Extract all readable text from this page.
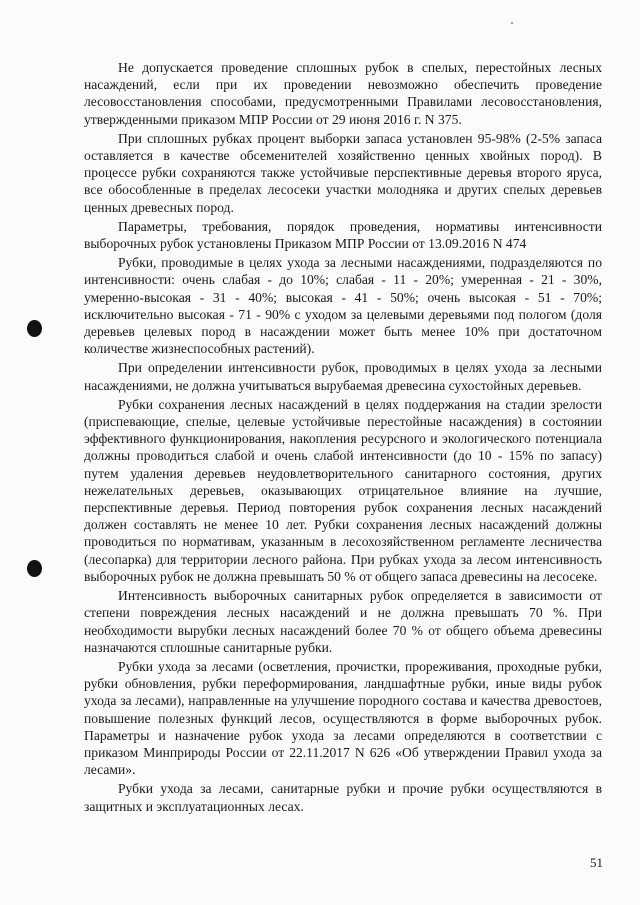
Не допускается проведение сплошных рубок в спелых, перестойных лесных насаждений, если при их проведении невозможно обеспечить проведение лесовосстановления способами, предусмотренными Правилами лесовосстановления, утвержденными приказом МПР России от 29 июня 2016 г. N 375.

При сплошных рубках процент выборки запаса установлен 95-98% (2-5% запаса оставляется в качестве обсеменителей хозяйственно ценных хвойных пород). В процессе рубки сохраняются также устойчивые перспективные деревья второго яруса, все обособленные в пределах лесосеки участки молодняка и других спелых деревьев ценных древесных пород.

Параметры, требования, порядок проведения, нормативы интенсивности выборочных рубок установлены Приказом МПР России от 13.09.2016 N 474

Рубки, проводимые в целях ухода за лесными насаждениями, подразделяются по интенсивности: очень слабая - до 10%; слабая - 11 - 20%; умеренная - 21 - 30%, умеренно-высокая - 31 - 40%; высокая - 41 - 50%; очень высокая - 51 - 70%; исключительно высокая - 71 - 90% с уходом за целевыми деревьями под пологом (доля деревьев целевых пород в насаждении может быть менее 10% при достаточном количестве жизнеспособных растений).

При определении интенсивности рубок, проводимых в целях ухода за лесными насаждениями, не должна учитываться вырубаемая древесина сухостойных деревьев.

Рубки сохранения лесных насаждений в целях поддержания на стадии зрелости (приспевающие, спелые, целевые устойчивые перестойные насаждения) в состоянии эффективного функционирования, накопления ресурсного и экологического потенциала должны проводиться слабой и очень слабой интенсивности (до 10 - 15% по запасу) путем удаления деревьев неудовлетворительного санитарного состояния, других нежелательных деревьев, оказывающих отрицательное влияние на лучшие, перспективные деревья. Период повторения рубок сохранения лесных насаждений должен составлять не менее 10 лет. Рубки сохранения лесных насаждений должны проводиться по нормативам, указанным в лесохозяйственном регламенте лесничества (лесопарка) для территории лесного района. При рубках ухода за лесом интенсивность выборочных рубок не должна превышать 50 % от общего запаса древесины на лесосеке.

Интенсивность выборочных санитарных рубок определяется в зависимости от степени повреждения лесных насаждений и не должна превышать 70 %. При необходимости вырубки лесных насаждений более 70 % от общего объема древесины назначаются сплошные санитарные рубки.

Рубки ухода за лесами (осветления, прочистки, прореживания, проходные рубки, рубки обновления, рубки переформирования, ландшафтные рубки, иные виды рубок ухода за лесами), направленные на улучшение породного состава и качества древостоев, повышение полезных функций лесов, осуществляются в форме выборочных рубок. Параметры и назначение рубок ухода за лесами определяются в соответствии с приказом Минприроды России от 22.11.2017 N 626 «Об утверждении Правил ухода за лесами».

Рубки ухода за лесами, санитарные рубки и прочие рубки осуществляются в защитных и эксплуатационных лесах.

51
